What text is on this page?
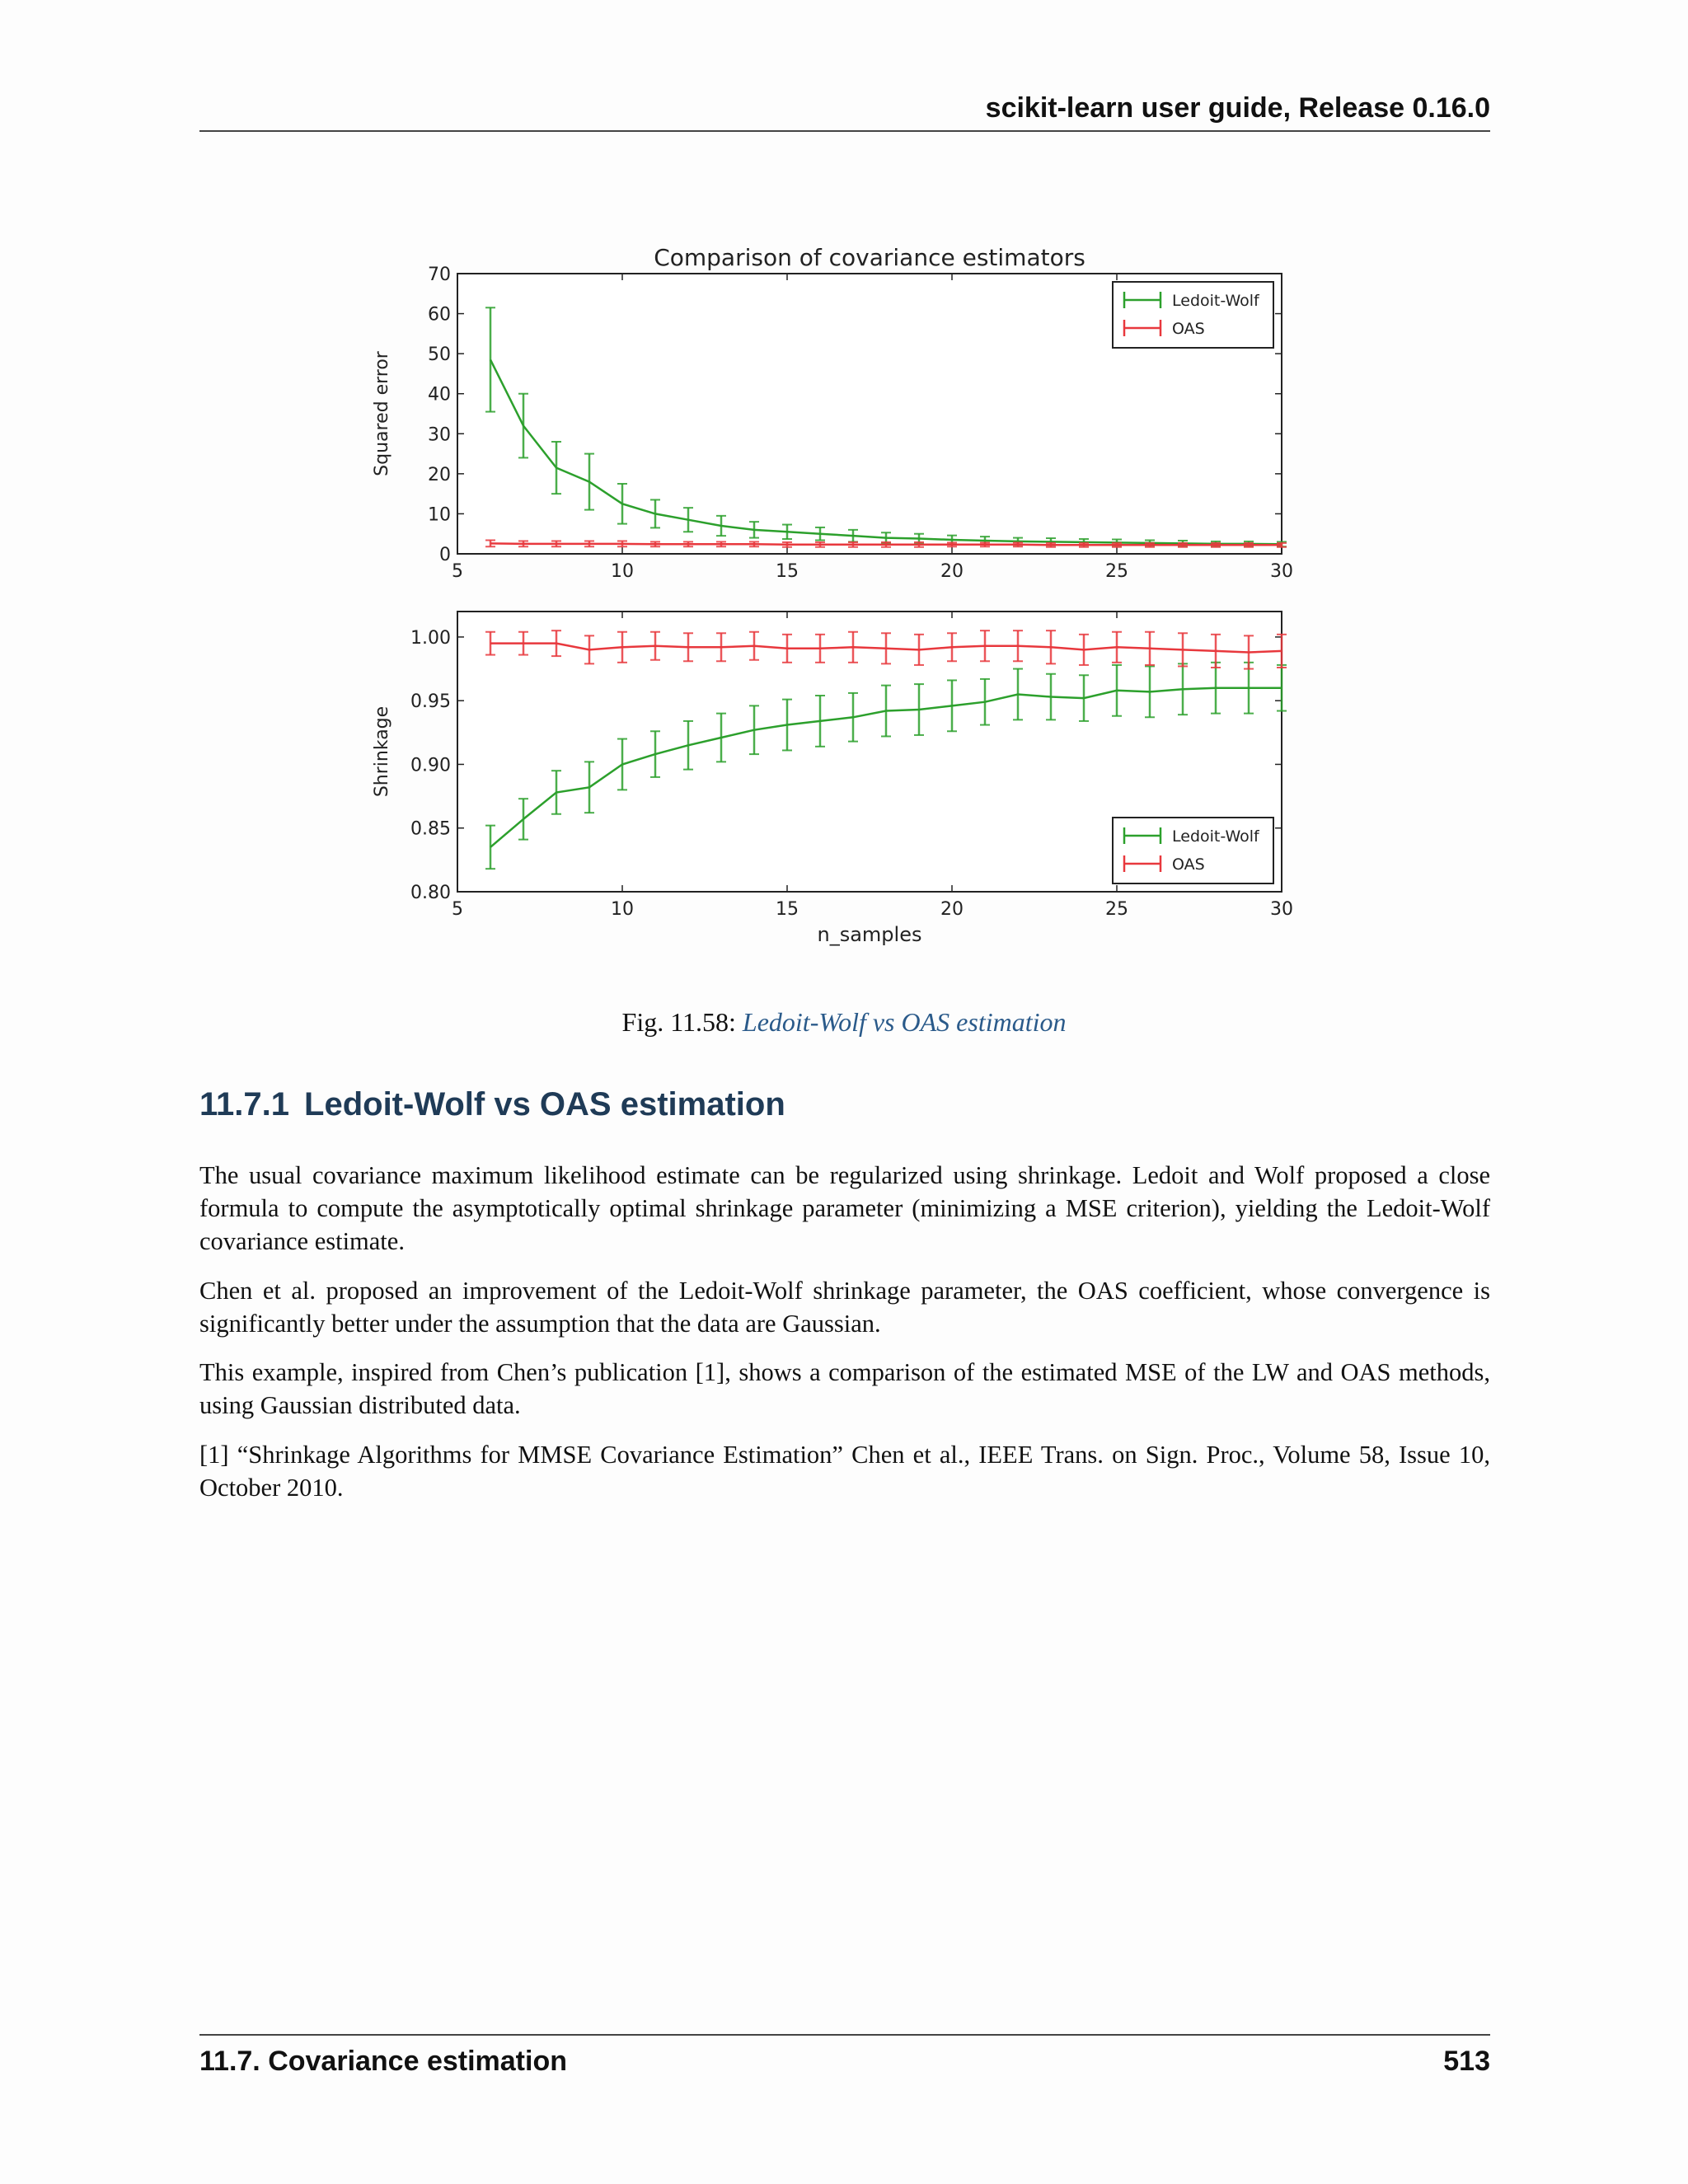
scikit-learn user guide, Release 0.16.0
5	10	15	20	25	30
0
10
20
30
40
50
60
70
Comparison of covariance estimators
Squared error
Ledoit-Wolf
OAS
5	10	15	20	25	30
0.80
0.85
0.90
0.95
1.00
Shrinkage
n_samples
Ledoit-Wolf
OAS
Fig. 11.58: Ledoit-Wolf vs OAS estimation
11.7.1 Ledoit-Wolf vs OAS estimation

The usual covariance maximum likelihood estimate can be regularized using shrinkage. Ledoit and Wolf proposed a close formula to compute the asymptotically optimal shrinkage parameter (minimizing a MSE criterion), yielding the Ledoit-Wolf covariance estimate.

Chen et al. proposed an improvement of the Ledoit-Wolf shrinkage parameter, the OAS coefficient, whose convergence is significantly better under the assumption that the data are Gaussian.

This example, inspired from Chen’s publication [1], shows a comparison of the estimated MSE of the LW and OAS methods, using Gaussian distributed data.

[1] “Shrinkage Algorithms for MMSE Covariance Estimation” Chen et al., IEEE Trans. on Sign. Proc., Volume 58, Issue 10, October 2010.

11.7. Covariance estimation	513
